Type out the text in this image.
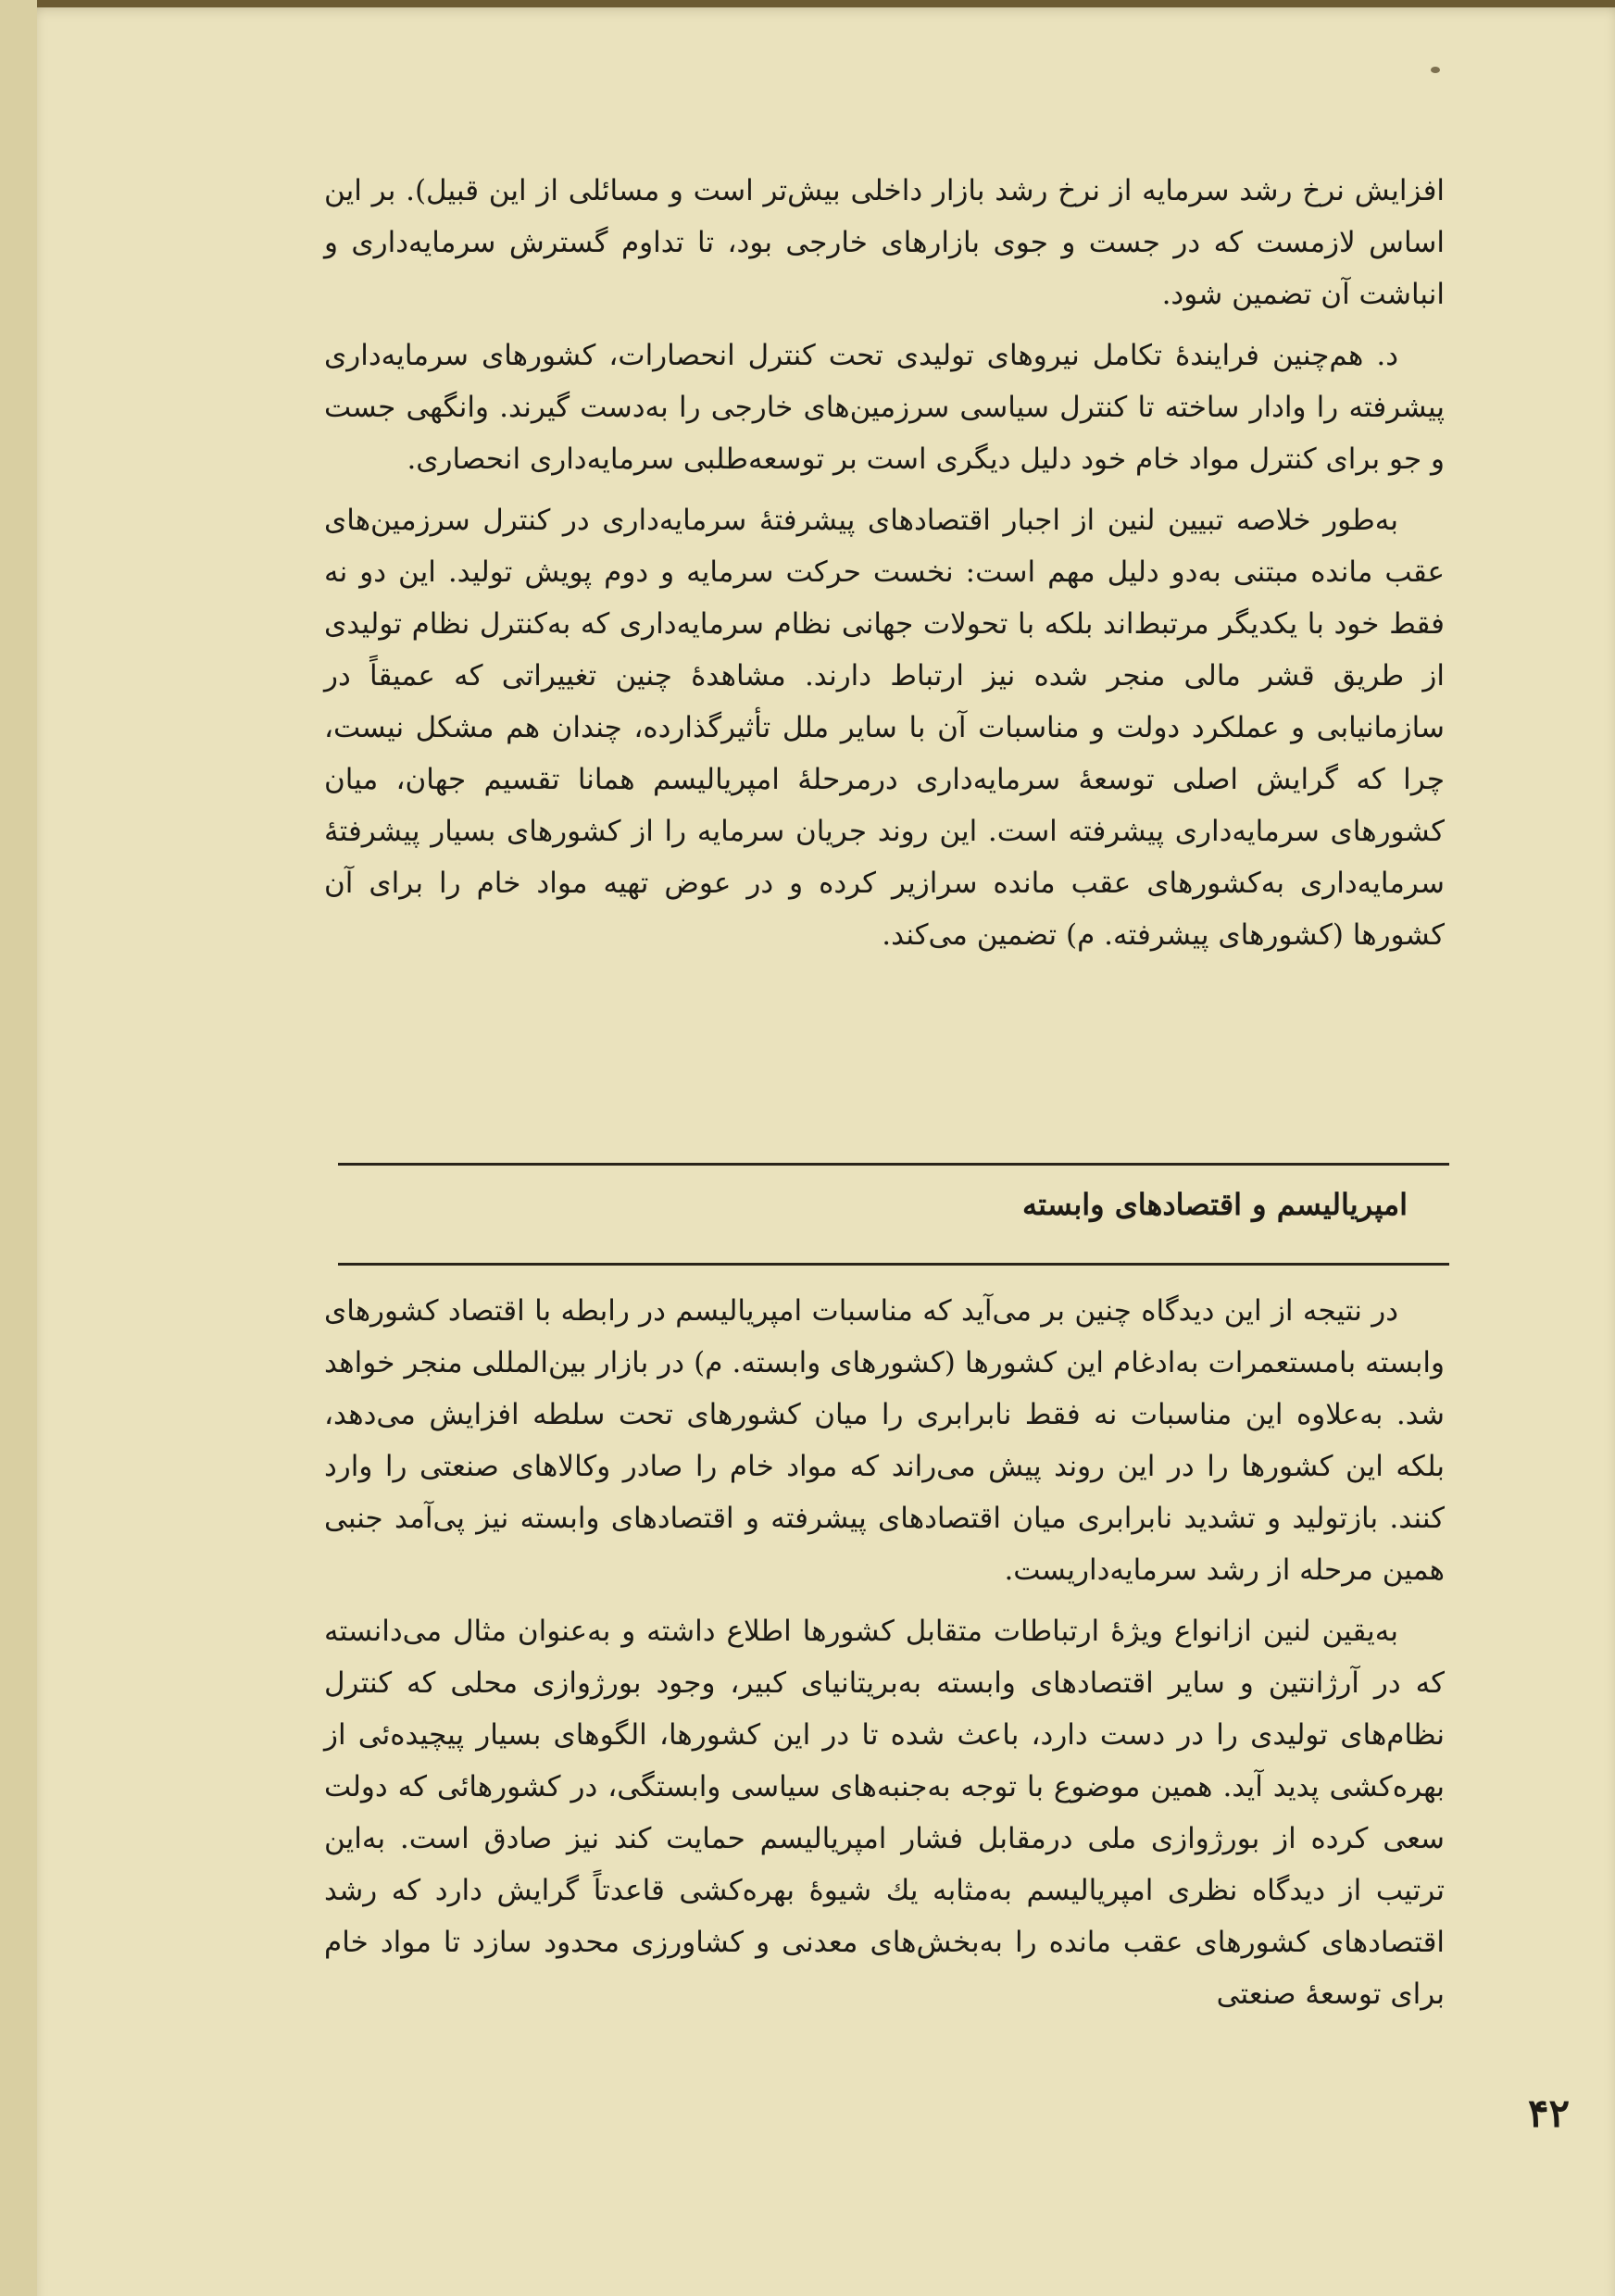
افزایش نرخ رشد سرمایه از نرخ رشد بازار داخلی بیش‌تر است و مسائلی از این قبیل). بر این اساس لازمست که در جست و جوی بازارهای خارجی بود، تا تداوم گسترش سرمایه‌داری و انباشت آن تضمین شود.

د. هم‌چنین فرایندهٔ تکامل نیروهای تولیدی تحت کنترل انحصارات، کشورهای سرمایه‌داری پیشرفته را وادار ساخته تا کنترل سیاسی سرزمین‌های خارجی را به‌دست گیرند. وانگهی جست و جو برای کنترل مواد خام خود دلیل دیگری است بر توسعه‌طلبی سرمایه‌داری انحصاری.

به‌طور خلاصه تبیین لنین از اجبار اقتصادهای پیشرفتهٔ سرمایه‌داری در کنترل سرزمین‌های عقب مانده مبتنی به‌دو دلیل مهم است: نخست حرکت سرمایه و دوم پویش تولید. این دو نه فقط خود با یکدیگر مرتبط‌اند بلکه با تحولات جهانی نظام سرمایه‌داری که به‌کنترل نظام تولیدی از طریق قشر مالی منجر شده نیز ارتباط دارند. مشاهدهٔ چنین تغییراتی که عمیقاً در سازمانیابی و عملکرد دولت و مناسبات آن با سایر ملل تأثیرگذارده، چندان هم مشکل نیست، چرا که گرایش اصلی توسعهٔ سرمایه‌داری درمرحلهٔ امپریالیسم همانا تقسیم جهان، میان کشورهای سرمایه‌داری پیشرفته است. این روند جریان سرمایه را از کشورهای بسیار پیشرفتهٔ سرمایه‌داری به‌کشورهای عقب مانده سرازیر کرده و در عوض تهیه مواد خام را برای آن کشورها (کشورهای پیشرفته. م) تضمین می‌کند.

امپریالیسم و اقتصادهای وابسته

در نتیجه از این دیدگاه چنین بر می‌آید که مناسبات امپریالیسم در رابطه با اقتصاد کشورهای وابسته بامستعمرات به‌ادغام این کشورها (کشورهای وابسته. م) در بازار بین‌المللی منجر خواهد شد. به‌علاوه این مناسبات نه فقط نابرابری را میان کشورهای تحت سلطه افزایش می‌دهد، بلکه این کشورها را در این روند پیش می‌راند که مواد خام را صادر وکالاهای صنعتی را وارد کنند. بازتولید و تشدید نابرابری میان اقتصادهای پیشرفته و اقتصادهای وابسته نیز پی‌آمد جنبی همین مرحله از رشد سرمایه‌داریست.

به‌یقین لنین ازانواع ویژهٔ ارتباطات متقابل کشورها اطلاع داشته و به‌عنوان مثال می‌دانسته که در آرژانتین و سایر اقتصادهای وابسته به‌بریتانیای کبیر، وجود بورژوازی محلی که کنترل نظام‌های تولیدی را در دست دارد، باعث شده تا در این کشورها، الگوهای بسیار پیچیده‌ئی از بهره‌کشی پدید آید. همین موضوع با توجه به‌جنبه‌های سیاسی وابستگی، در کشورهائی که دولت سعی کرده از بورژوازی ملی درمقابل فشار امپریالیسم حمایت کند نیز صادق است. به‌این ترتیب از دیدگاه نظری امپریالیسم به‌مثابه یك شیوهٔ بهره‌کشی قاعدتاً گرایش دارد که رشد اقتصادهای کشورهای عقب مانده را به‌بخش‌های معدنی و کشاورزی محدود سازد تا مواد خام برای توسعهٔ صنعتی

۴۲
